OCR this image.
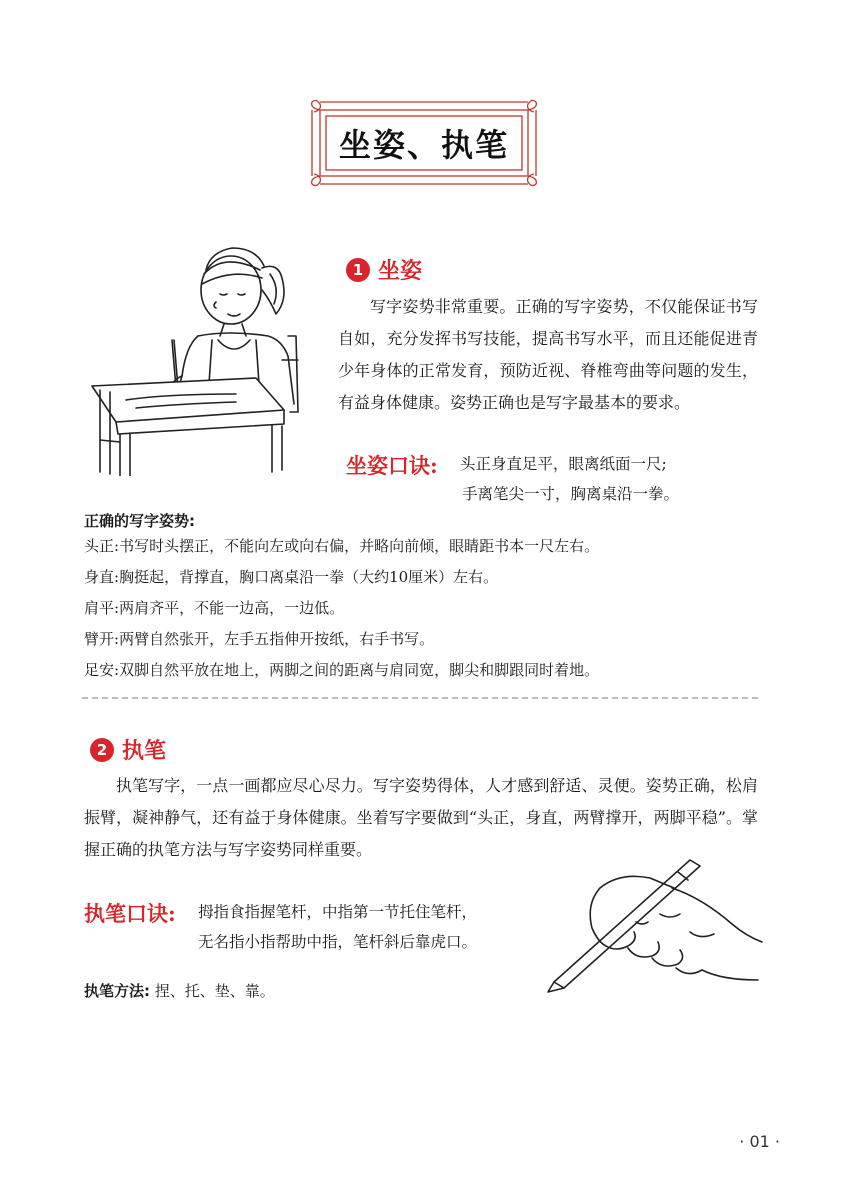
坐姿、执笔
1 坐姿
写字姿势非常重要。正确的写字姿势，不仅能保证书写自如，充分发挥书写技能，提高书写水平，而且还能促进青少年身体的正常发育，预防近视、脊椎弯曲等问题的发生，有益身体健康。姿势正确也是写字最基本的要求。
坐姿口诀: 头正身直足平，眼离纸面一尺;
手离笔尖一寸，胸离桌沿一拳。
正确的写字姿势:
头正:书写时头摆正，不能向左或向右偏，并略向前倾，眼睛距书本一尺左右。
身直:胸挺起，背撑直，胸口离桌沿一拳（大约10厘米）左右。
肩平:两肩齐平，不能一边高，一边低。
臂开:两臂自然张开，左手五指伸开按纸，右手书写。
足安:双脚自然平放在地上，两脚之间的距离与肩同宽，脚尖和脚跟同时着地。
2 执笔
执笔写字，一点一画都应尽心尽力。写字姿势得体，人才感到舒适、灵便。姿势正确，松肩振臂，凝神静气，还有益于身体健康。坐着写字要做到“头正，身直，两臂撑开，两脚平稳”。掌握正确的执笔方法与写字姿势同样重要。
执笔口诀: 拇指食指握笔杆，中指第一节托住笔杆，
无名指小指帮助中指，笔杆斜后靠虎口。
执笔方法: 捏、托、垫、靠。
· 01 ·
